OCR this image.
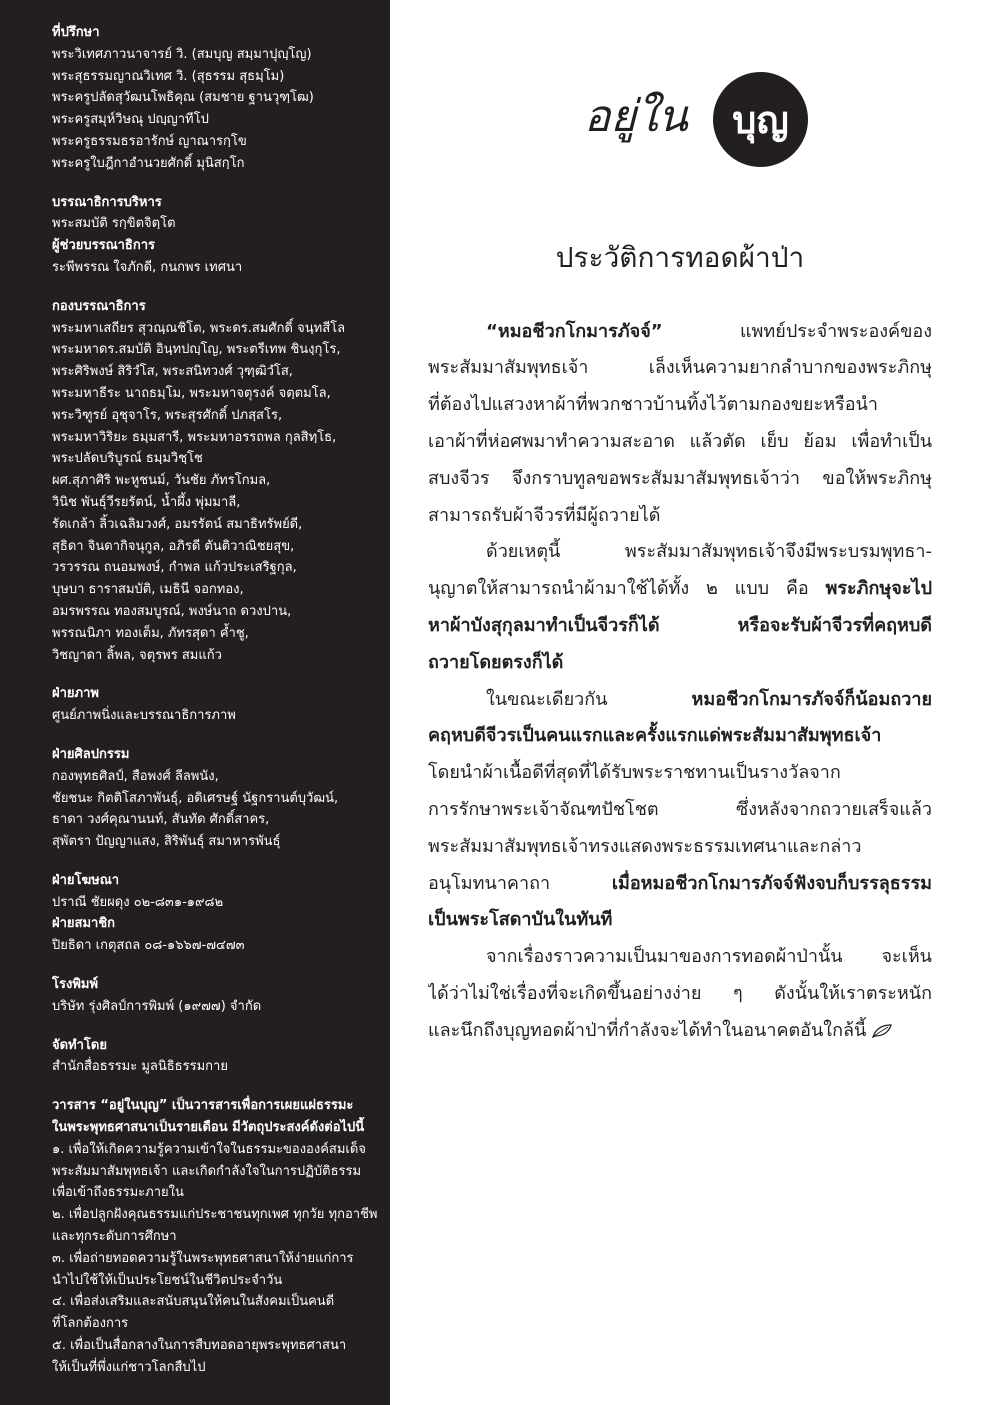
ที่ปรึกษา
พระวิเทศภาวนาจารย์ วิ. (สมบุญ สมฺมาปุญฺโญ)
พระสุธรรมญาณวิเทศ วิ. (สุธรรม สุธมฺโม)
พระครูปลัดสุวัฒนโพธิคุณ (สมชาย ฐานวุฑฺโฒ)
พระครูสมุห์วิษณุ ปญฺญาทีโป
พระครูธรรมธรอารักษ์ ญาณารกฺโข
พระครูใบฎีกาอำนวยศักดิ์ มุนิสกฺโก
บรรณาธิการบริหาร
พระสมบัติ รกฺขิตจิตฺโต
ผู้ช่วยบรรณาธิการ
ระพีพรรณ ใจภักดี, กนกพร เทศนา
กองบรรณาธิการ
พระมหาเสถียร สุวณฺณชิโต, พระดร.สมศักดิ์ จนฺทสีโล
พระมหาดร.สมบัติ อินฺทปญฺโญ, พระตรีเทพ ชินงฺกุโร,
พระศิริพงษ์ สิริวํโส, พระสนิทวงศ์ วุฑฺฒิวํโส,
พระมหาธีระ นาถธมฺโม, พระมหาจตุรงค์ จตฺตมโล,
พระวิฑูรย์ อุชุจาโร, พระสุรศักดิ์ ปภสฺสโร,
พระมหาวิริยะ ธมฺมสารี, พระมหาอรรถพล กุลสิทฺโธ,
พระปลัดบริบูรณ์ ธมฺมวิชฺโช
ผศ.สุภาศิริ พะหูชนม์, วันชัย ภัทรโกมล,
วินิช พันธุ์วีรยรัตน์, น้ำผึ้ง พุ่มมาลี,
รัดเกล้า ลิ้วเฉลิมวงศ์, อมรรัตน์ สมาธิทรัพย์ดี,
สุธิดา จินดากิจนุกูล, อภิรดี ตันติวาณิชยสุข,
วรวรรณ ถนอมพงษ์, กำพล แก้วประเสริฐกุล,
บุษบา ธาราสมบัติ, เมธินี จอกทอง,
อมรพรรณ ทองสมบูรณ์, พงษ์นาถ ดวงปาน,
พรรณนิภา ทองเต็ม, ภัทรสุดา ค้ำชู,
วิชญาดา ลิ้พล, จตุรพร สมแก้ว
ฝ่ายภาพ
ศูนย์ภาพนิ่งและบรรณาธิการภาพ
ฝ่ายศิลปกรรม
กองพุทธศิลป์, สือพงศ์ ลีลพนัง,
ชัยชนะ กิตติโสภาพันธุ์, อดิเศรษฐ์ นัฐกรานต์บุวัฒน์,
ธาดา วงศ์คุณานนท์, สันทัด ศักดิ์สาคร,
สุพัตรา ปัญญาแสง, สิริพันธุ์ สมาหารพันธุ์
ฝ่ายโฆษณา
ปราณี ชัยผดุง ๐๒-๘๓๑-๑๙๘๒
ฝ่ายสมาชิก
ปิยธิดา เกตุสถล ๐๘-๑๖๖๗-๗๔๗๓
โรงพิมพ์
บริษัท รุ่งศิลป์การพิมพ์ (๑๙๗๗) จำกัด
จัดทำโดย
สำนักสื่อธรรมะ มูลนิธิธรรมกาย
วารสาร “อยู่ในบุญ” เป็นวารสารเพื่อการเผยแผ่ธรรมะ
ในพระพุทธศาสนาเป็นรายเดือน มีวัตถุประสงค์ดังต่อไปนี้
๑. เพื่อให้เกิดความรู้ความเข้าใจในธรรมะขององค์สมเด็จ
พระสัมมาสัมพุทธเจ้า และเกิดกำลังใจในการปฏิบัติธรรม
เพื่อเข้าถึงธรรมะภายใน
๒. เพื่อปลูกฝังคุณธรรมแก่ประชาชนทุกเพศ ทุกวัย ทุกอาชีพ
และทุกระดับการศึกษา
๓. เพื่อถ่ายทอดความรู้ในพระพุทธศาสนาให้ง่ายแก่การ
นำไปใช้ให้เป็นประโยชน์ในชีวิตประจำวัน
๔. เพื่อส่งเสริมและสนับสนุนให้คนในสังคมเป็นคนดี
ที่โลกต้องการ
๕. เพื่อเป็นสื่อกลางในการสืบทอดอายุพระพุทธศาสนา
ให้เป็นที่พึ่งแก่ชาวโลกสืบไป
อยู่ใน	บุญ
ประวัติการทอดผ้าป่า
“หมอชีวกโกมารภัจจ์” แพทย์ประจำพระองค์ของ
พระสัมมาสัมพุทธเจ้า เล็งเห็นความยากลำบากของพระภิกษุ
ที่ต้องไปแสวงหาผ้าที่พวกชาวบ้านทิ้งไว้ตามกองขยะหรือนำ
เอาผ้าที่ห่อศพมาทำความสะอาด แล้วตัด เย็บ ย้อม เพื่อทำเป็น
สบงจีวร จึงกราบทูลขอพระสัมมาสัมพุทธเจ้าว่า ขอให้พระภิกษุ
สามารถรับผ้าจีวรที่มีผู้ถวายได้
ด้วยเหตุนี้ พระสัมมาสัมพุทธเจ้าจึงมีพระบรมพุทธา-
นุญาตให้สามารถนำผ้ามาใช้ได้ทั้ง ๒ แบบ คือ พระภิกษุจะไป
หาผ้าบังสุกุลมาทำเป็นจีวรก็ได้ หรือจะรับผ้าจีวรที่คฤหบดี
ถวายโดยตรงก็ได้
ในขณะเดียวกัน หมอชีวกโกมารภัจจ์ก็น้อมถวาย
คฤหบดีจีวรเป็นคนแรกและครั้งแรกแด่พระสัมมาสัมพุทธเจ้า
โดยนำผ้าเนื้อดีที่สุดที่ได้รับพระราชทานเป็นรางวัลจาก
การรักษาพระเจ้าจัณฑปัชโชต ซึ่งหลังจากถวายเสร็จแล้ว
พระสัมมาสัมพุทธเจ้าทรงแสดงพระธรรมเทศนาและกล่าว
อนุโมทนาคาถา เมื่อหมอชีวกโกมารภัจจ์ฟังจบก็บรรลุธรรม
เป็นพระโสดาบันในทันที
จากเรื่องราวความเป็นมาของการทอดผ้าป่านั้น จะเห็น
ได้ว่าไม่ใช่เรื่องที่จะเกิดขึ้นอย่างง่าย ๆ ดังนั้นให้เราตระหนัก
และนึกถึงบุญทอดผ้าป่าที่กำลังจะได้ทำในอนาคตอันใกล้นี้
